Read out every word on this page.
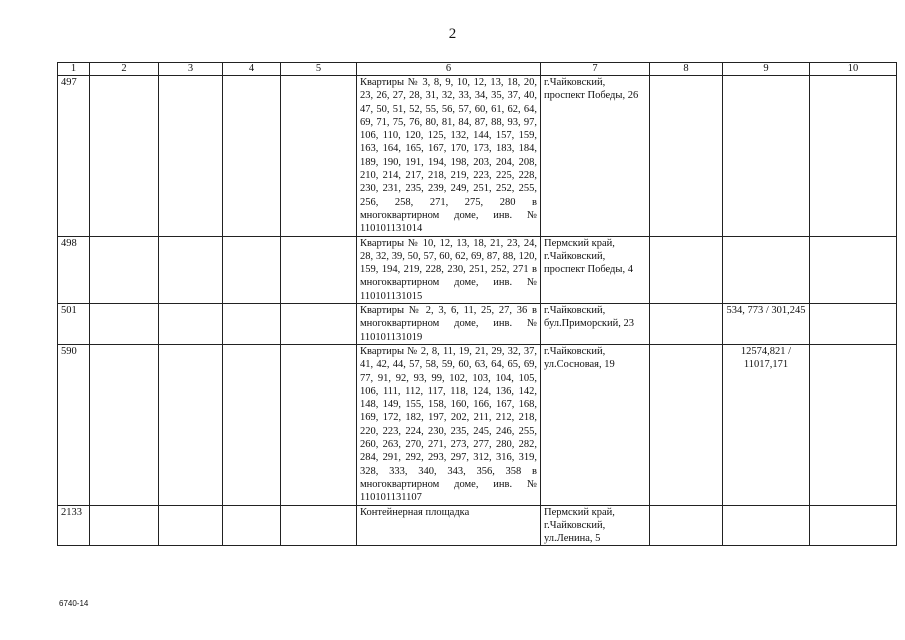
2
1	2	3	4	5	6	7	8	9	10
497					Квартиры № 3, 8, 9, 10, 12, 13, 18, 20, 23, 26, 27, 28, 31, 32, 33, 34, 35, 37, 40, 47, 50, 51, 52, 55, 56, 57, 60, 61, 62, 64, 69, 71, 75, 76, 80, 81, 84, 87, 88, 93, 97, 106, 110, 120, 125, 132, 144, 157, 159, 163, 164, 165, 167, 170, 173, 183, 184, 189, 190, 191, 194, 198, 203, 204, 208, 210, 214, 217, 218, 219, 223, 225, 228, 230, 231, 235, 239, 249, 251, 252, 255, 256, 258, 271, 275, 280 в многоквартирном доме, инв. № 110101131014	г.Чайковский, проспект Победы, 26			
498					Квартиры № 10, 12, 13, 18, 21, 23, 24, 28, 32, 39, 50, 57, 60, 62, 69, 87, 88, 120, 159, 194, 219, 228, 230, 251, 252, 271 в многоквартирном доме, инв. № 110101131015	Пермский край, г.Чайковский, проспект Победы, 4			
501					Квартиры № 2, 3, 6, 11, 25, 27, 36 в многоквартирном доме, инв. № 110101131019	г.Чайковский, бул.Приморский, 23		534, 773 / 301,245	
590					Квартиры № 2, 8, 11, 19, 21, 29, 32, 37, 41, 42, 44, 57, 58, 59, 60, 63, 64, 65, 69, 77, 91, 92, 93, 99, 102, 103, 104, 105, 106, 111, 112, 117, 118, 124, 136, 142, 148, 149, 155, 158, 160, 166, 167, 168, 169, 172, 182, 197, 202, 211, 212, 218, 220, 223, 224, 230, 235, 245, 246, 255, 260, 263, 270, 271, 273, 277, 280, 282, 284, 291, 292, 293, 297, 312, 316, 319, 328, 333, 340, 343, 356, 358 в многоквартирном доме, инв. № 110101131107	г.Чайковский, ул.Сосновая, 19		12574,821 / 11017,171	
2133					Контейнерная площадка	Пермский край, г.Чайковский, ул.Ленина, 5			
6740-14
